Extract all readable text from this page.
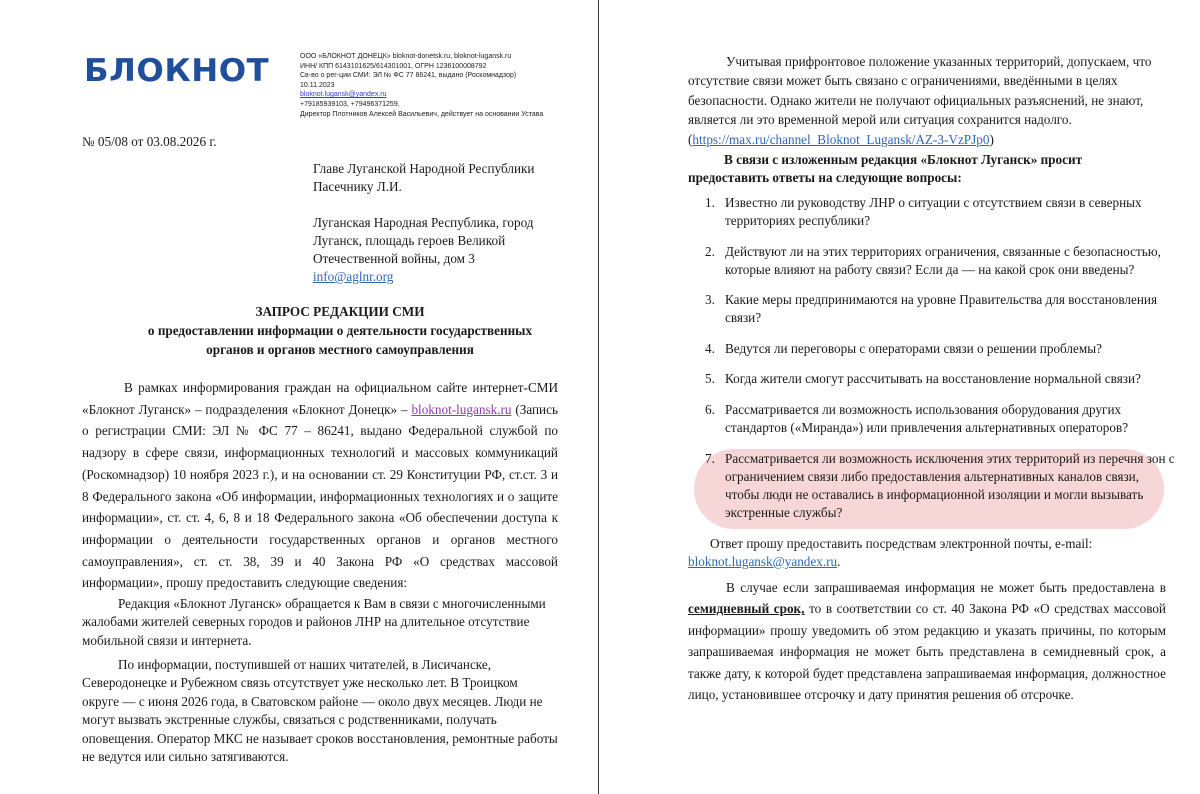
БЛОКНОТ	ООО «БЛОКНОТ ДОНЕЦК» bloknot-donetsk.ru, bloknot-lugansk.ru
ИНН/ КПП 6143101625/614301001, ОГРН 1236100008792
Св-во о рег-ции СМИ: ЭЛ № ФС 77 86241, выдано (Роскомнадзор)
10.11.2023
bloknot.lugansk@yandex.ru
+79185939103, +79496371259,
Директор Плотников Алексей Васильевич, действует на основании Устава
№ 05/08 от 03.08.2026 г.
Главе Луганской Народной Республики
Пасечнику Л.И.
Луганская Народная Республика, город
Луганск, площадь героев Великой
Отечественной войны, дом 3
info@aglnr.org
ЗАПРОС РЕДАКЦИИ СМИ
о предоставлении информации о деятельности государственных
органов и органов местного самоуправления

В рамках информирования граждан на официальном сайте интернет-СМИ «Блокнот Луганск» – подразделения «Блокнот Донецк» – bloknot-lugansk.ru (Запись о регистрации СМИ: ЭЛ № ФС 77 – 86241, выдано Федеральной службой по надзору в сфере связи, информационных технологий и массовых коммуникаций (Роскомнадзор) 10 ноября 2023 г.), и на основании ст. 29 Конституции РФ, ст.ст. 3 и 8 Федерального закона «Об информации, информационных технологиях и о защите информации», ст. ст. 4, 6, 8 и 18 Федерального закона «Об обеспечении доступа к информации о деятельности государственных органов и органов местного самоуправления», ст. ст. 38, 39 и 40 Закона РФ «О средствах массовой информации», прошу предоставить следующие сведения:

Редакция «Блокнот Луганск» обращается к Вам в связи с многочисленными жалобами жителей северных городов и районов ЛНР на длительное отсутствие мобильной связи и интернета.

По информации, поступившей от наших читателей, в Лисичанске, Северодонецке и Рубежном связь отсутствует уже несколько лет. В Троицком округе — с июня 2026 года, в Сватовском районе — около двух месяцев. Люди не могут вызвать экстренные службы, связаться с родственниками, получать оповещения. Оператор МКС не называет сроков восстановления, ремонтные работы не ведутся или сильно затягиваются.

Учитывая прифронтовое положение указанных территорий, допускаем, что отсутствие связи может быть связано с ограничениями, введёнными в целях безопасности. Однако жители не получают официальных разъяснений, не знают, является ли это временной мерой или ситуация сохранится надолго. (https://max.ru/channel_Bloknot_Lugansk/AZ-3-VzPJp0)

В связи с изложенным редакция «Блокнот Луганск» просит предоставить ответы на следующие вопросы:

1. Известно ли руководству ЛНР о ситуации с отсутствием связи в северных территориях республики?
2. Действуют ли на этих территориях ограничения, связанные с безопасностью, которые влияют на работу связи? Если да — на какой срок они введены?
3. Какие меры предпринимаются на уровне Правительства для восстановления связи?
4. Ведутся ли переговоры с операторами связи о решении проблемы?
5. Когда жители смогут рассчитывать на восстановление нормальной связи?
6. Рассматривается ли возможность использования оборудования других стандартов («Миранда») или привлечения альтернативных операторов?
7. Рассматривается ли возможность исключения этих территорий из перечня зон с ограничением связи либо предоставления альтернативных каналов связи, чтобы люди не оставались в информационной изоляции и могли вызывать экстренные службы?

Ответ прошу предоставить посредствам электронной почты, e-mail:
bloknot.lugansk@yandex.ru.

В случае если запрашиваемая информация не может быть предоставлена в семидневный срок, то в соответствии со ст. 40 Закона РФ «О средствах массовой информации» прошу уведомить об этом редакцию и указать причины, по которым запрашиваемая информация не может быть представлена в семидневный срок, а также дату, к которой будет представлена запрашиваемая информация, должностное лицо, установившее отсрочку и дату принятия решения об отсрочке.
